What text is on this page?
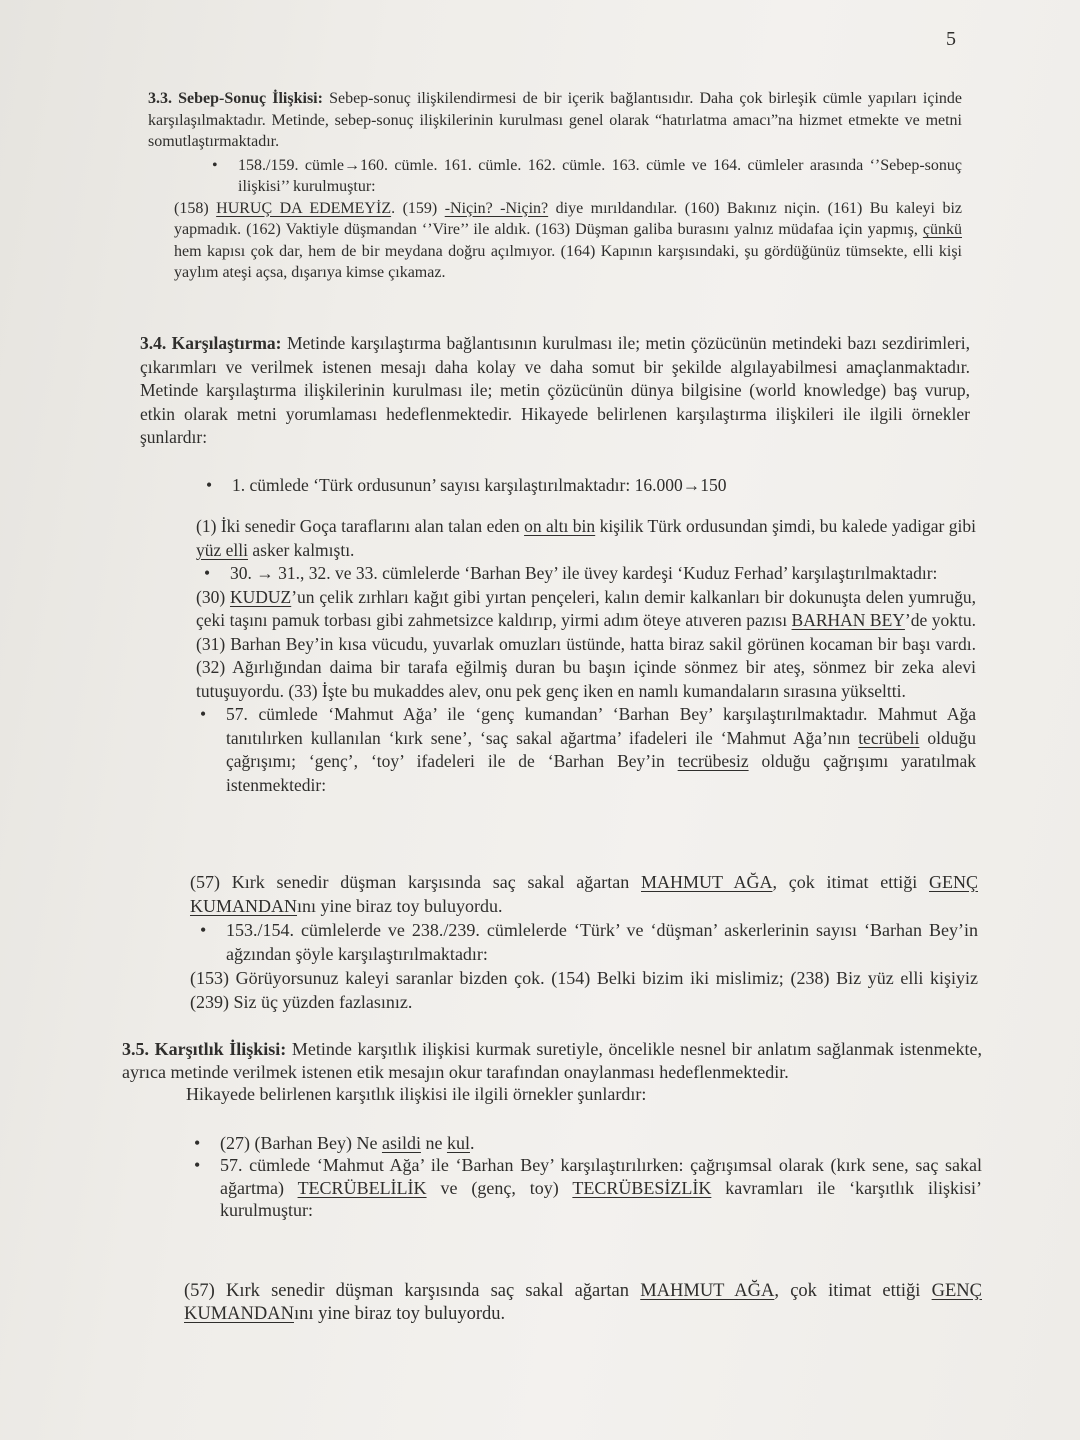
5

3.3. Sebep-Sonuç İlişkisi: Sebep-sonuç ilişkilendirmesi de bir içerik bağlantısıdır. Daha çok birleşik cümle yapıları içinde karşılaşılmaktadır. Metinde, sebep-sonuç ilişkilerinin kurulması genel olarak “hatırlatma amacı”na hizmet etmekte ve metni somutlaştırmaktadır.

• 158./159. cümle→160. cümle. 161. cümle. 162. cümle. 163. cümle ve 164. cümleler arasında ‘’Sebep-sonuç ilişkisi’’ kurulmuştur:

(158) HURUÇ DA EDEMEYİZ. (159) -Niçin? -Niçin? diye mırıldandılar. (160) Bakınız niçin. (161) Bu kaleyi biz yapmadık. (162) Vaktiyle düşmandan ‘’Vire’’ ile aldık. (163) Düşman galiba burasını yalnız müdafaa için yapmış, çünkü hem kapısı çok dar, hem de bir meydana doğru açılmıyor. (164) Kapının karşısındaki, şu gördüğünüz tümsekte, elli kişi yaylım ateşi açsa, dışarıya kimse çıkamaz.

3.4. Karşılaştırma: Metinde karşılaştırma bağlantısının kurulması ile; metin çözücünün metindeki bazı sezdirimleri, çıkarımları ve verilmek istenen mesajı daha kolay ve daha somut bir şekilde algılayabilmesi amaçlanmaktadır. Metinde karşılaştırma ilişkilerinin kurulması ile; metin çözücünün dünya bilgisine (world knowledge) baş vurup, etkin olarak metni yorumlaması hedeflenmektedir. Hikayede belirlenen karşılaştırma ilişkileri ile ilgili örnekler şunlardır:

• 1. cümlede ‘Türk ordusunun’ sayısı karşılaştırılmaktadır: 16.000→150

(1) İki senedir Goça taraflarını alan talan eden on altı bin kişilik Türk ordusundan şimdi, bu kalede yadigar gibi yüz elli asker kalmıştı.

• 30. → 31., 32. ve 33. cümlelerde ‘Barhan Bey’ ile üvey kardeşi ‘Kuduz Ferhad’ karşılaştırılmaktadır:

(30) KUDUZ’un çelik zırhları kağıt gibi yırtan pençeleri, kalın demir kalkanları bir dokunuşta delen yumruğu, çeki taşını pamuk torbası gibi zahmetsizce kaldırıp, yirmi adım öteye atıveren pazısı BARHAN BEY’de yoktu. (31) Barhan Bey’in kısa vücudu, yuvarlak omuzları üstünde, hatta biraz sakil görünen kocaman bir başı vardı. (32) Ağırlığından daima bir tarafa eğilmiş duran bu başın içinde sönmez bir ateş, sönmez bir zeka alevi tutuşuyordu. (33) İşte bu mukaddes alev, onu pek genç iken en namlı kumandaların sırasına yükseltti.

• 57. cümlede ‘Mahmut Ağa’ ile ‘genç kumandan’ ‘Barhan Bey’ karşılaştırılmaktadır. Mahmut Ağa tanıtılırken kullanılan ‘kırk sene’, ‘saç sakal ağartma’ ifadeleri ile ‘Mahmut Ağa’nın tecrübeli olduğu çağrışımı; ‘genç’, ‘toy’ ifadeleri ile de ‘Barhan Bey’in tecrübesiz olduğu çağrışımı yaratılmak istenmektedir:

(57) Kırk senedir düşman karşısında saç sakal ağartan MAHMUT AĞA, çok itimat ettiği GENÇ KUMANDANını yine biraz toy buluyordu.

• 153./154. cümlelerde ve 238./239. cümlelerde ‘Türk’ ve ‘düşman’ askerlerinin sayısı ‘Barhan Bey’in ağzından şöyle karşılaştırılmaktadır:

(153) Görüyorsunuz kaleyi saranlar bizden çok. (154) Belki bizim iki mislimiz; (238) Biz yüz elli kişiyiz (239) Siz üç yüzden fazlasınız.

3.5. Karşıtlık İlişkisi: Metinde karşıtlık ilişkisi kurmak suretiyle, öncelikle nesnel bir anlatım sağlanmak istenmekte, ayrıca metinde verilmek istenen etik mesajın okur tarafından onaylanması hedeflenmektedir.

Hikayede belirlenen karşıtlık ilişkisi ile ilgili örnekler şunlardır:

• (27) (Barhan Bey) Ne asildi ne kul.

• 57. cümlede ‘Mahmut Ağa’ ile ‘Barhan Bey’ karşılaştırılırken: çağrışımsal olarak (kırk sene, saç sakal ağartma) TECRÜBELİLİK ve (genç, toy) TECRÜBESİZLİK kavramları ile ‘karşıtlık ilişkisi’ kurulmuştur:

(57) Kırk senedir düşman karşısında saç sakal ağartan MAHMUT AĞA, çok itimat ettiği GENÇ KUMANDANını yine biraz toy buluyordu.
